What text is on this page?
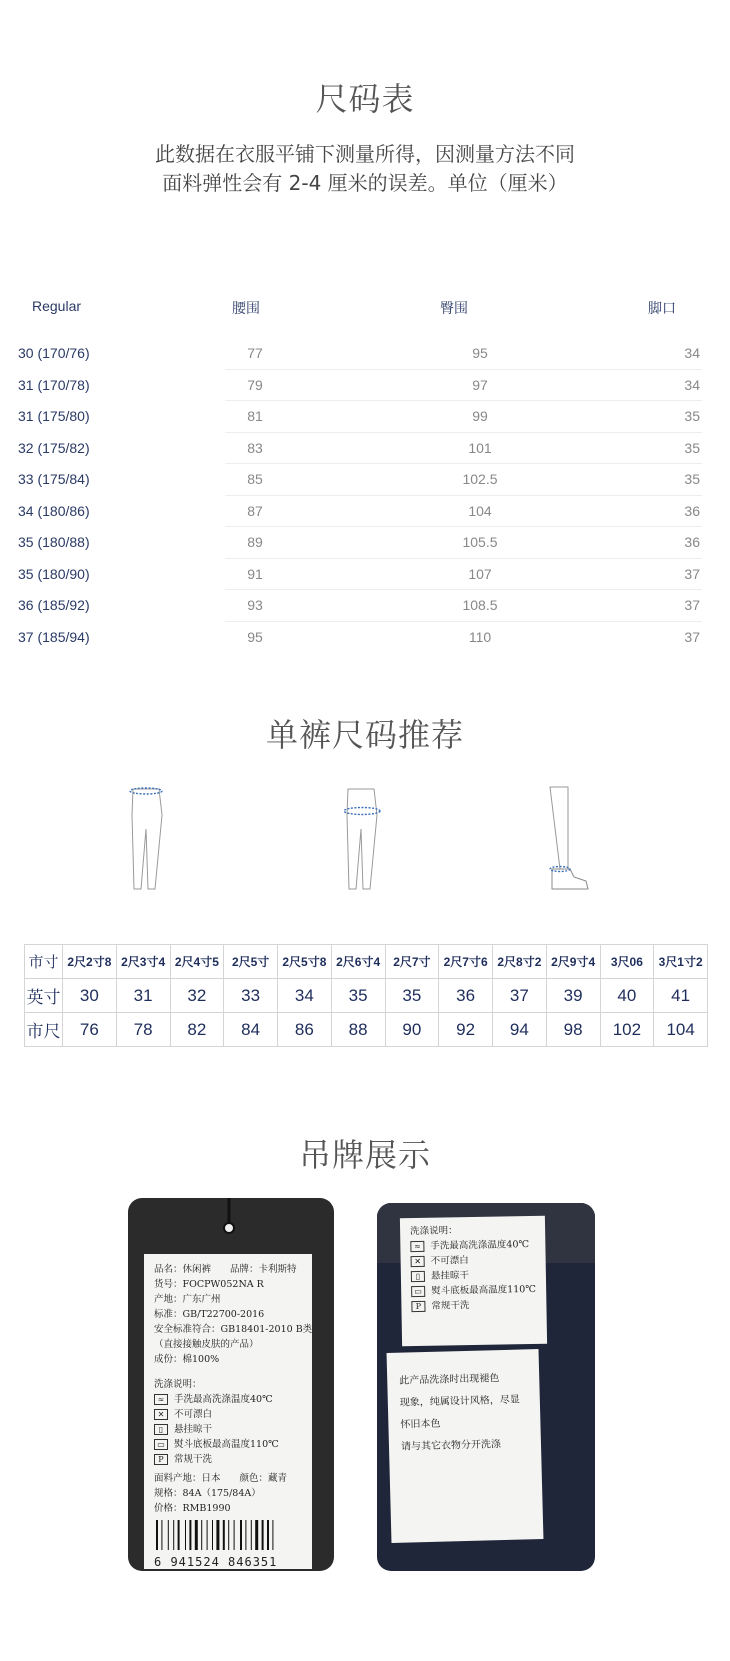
尺码表

此数据在衣服平铺下测量所得，因测量方法不同

面料弹性会有 2-4 厘米的误差。单位（厘米）

Regular	腰围	臀围	脚口
30 (170/76)	77	95	34
31 (170/78)	79	97	34
31 (175/80)	81	99	35
32 (175/82)	83	101	35
33 (175/84)	85	102.5	35
34 (180/86)	87	104	36
35 (180/88)	89	105.5	36
35 (180/90)	91	107	37
36 (185/92)	93	108.5	37
37 (185/94)	95	110	37
单裤尺码推荐
市寸	2尺2寸8	2尺3寸4	2尺4寸5	2尺5寸	2尺5寸8	2尺6寸4	2尺7寸	2尺7寸6	2尺8寸2	2尺9寸4	3尺06	3尺1寸2
英寸	30	31	32	33	34	35	35	36	37	39	40	41
市尺	76	78	82	84	86	88	90	92	94	98	102	104
吊牌展示
品名：休闲裤　　品牌：卡利斯特
货号：FOCPW052NA R
产地：广东广州
标准：GB/T22700-2016
安全标准符合：GB18401-2010 B类
（直接接触皮肤的产品）
成份：棉100%
洗涤说明：
≈	手洗最高洗涤温度40℃
✕	不可漂白
▯	悬挂晾干
▭ 熨斗底板最高温度110℃
P	常规干洗
面料产地：日本　　颜色：藏青
规格：84A（175/84A）
价格：RMB1990
6 941524 846351
洗涤说明：
≈ 手洗最高洗涤温度40℃
✕ 不可漂白
▯	悬挂晾干
▭ 熨斗底板最高温度110℃
P	常规干洗
此产品洗涤时出现褪色
现象，纯属设计风格，尽显
怀旧本色
请与其它衣物分开洗涤
